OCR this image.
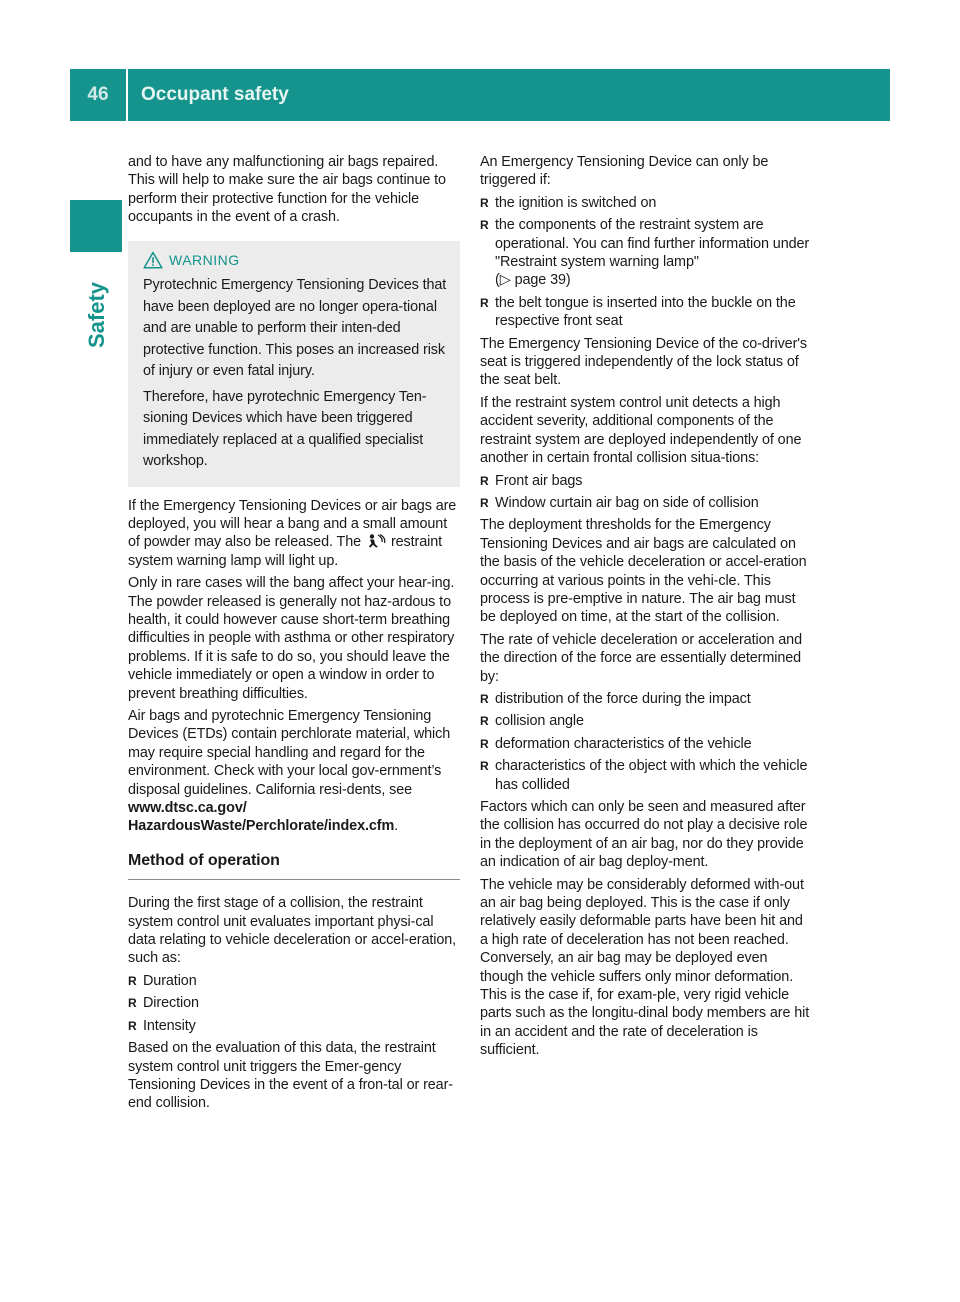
46	Occupant safety
Safety

and to have any malfunctioning air bags repaired. This will help to make sure the air bags continue to perform their protective function for the vehicle occupants in the event of a crash.

WARNING

Pyrotechnic Emergency Tensioning Devices that have been deployed are no longer opera-tional and are unable to perform their inten-ded protective function. This poses an increased risk of injury or even fatal injury.

Therefore, have pyrotechnic Emergency Ten-sioning Devices which have been triggered immediately replaced at a qualified specialist workshop.

If the Emergency Tensioning Devices or air bags are deployed, you will hear a bang and a small amount of powder may also be released. The restraint system warning lamp will light up.

Only in rare cases will the bang affect your hear-ing. The powder released is generally not haz-ardous to health, it could however cause short-term breathing difficulties in people with asthma or other respiratory problems. If it is safe to do so, you should leave the vehicle immediately or open a window in order to prevent breathing difficulties.

Air bags and pyrotechnic Emergency Tensioning Devices (ETDs) contain perchlorate material, which may require special handling and regard for the environment. Check with your local gov-ernment’s disposal guidelines. California resi-dents, see www.dtsc.ca.gov/ HazardousWaste/Perchlorate/index.cfm.

Method of operation

During the first stage of a collision, the restraint system control unit evaluates important physi-cal data relating to vehicle deceleration or accel-eration, such as:

R Duration
R Direction
R Intensity

Based on the evaluation of this data, the restraint system control unit triggers the Emer-gency Tensioning Devices in the event of a fron-tal or rear-end collision.

An Emergency Tensioning Device can only be triggered if:

R the ignition is switched on
R the components of the restraint system are operational. You can find further information under "Restraint system warning lamp"
(▷ page 39)
R the belt tongue is inserted into the buckle on the respective front seat

The Emergency Tensioning Device of the co-driver's seat is triggered independently of the lock status of the seat belt.

If the restraint system control unit detects a high accident severity, additional components of the restraint system are deployed independently of one another in certain frontal collision situa-tions:

R Front air bags
R Window curtain air bag on side of collision

The deployment thresholds for the Emergency Tensioning Devices and air bags are calculated on the basis of the vehicle deceleration or accel-eration occurring at various points in the vehi-cle. This process is pre-emptive in nature. The air bag must be deployed on time, at the start of the collision.

The rate of vehicle deceleration or acceleration and the direction of the force are essentially determined by:

R distribution of the force during the impact
R collision angle
R deformation characteristics of the vehicle
R characteristics of the object with which the vehicle has collided

Factors which can only be seen and measured after the collision has occurred do not play a decisive role in the deployment of an air bag, nor do they provide an indication of air bag deploy-ment.

The vehicle may be considerably deformed with-out an air bag being deployed. This is the case if only relatively easily deformable parts have been hit and a high rate of deceleration has not been reached. Conversely, an air bag may be deployed even though the vehicle suffers only minor deformation. This is the case if, for exam-ple, very rigid vehicle parts such as the longitu-dinal body members are hit in an accident and the rate of deceleration is sufficient.
